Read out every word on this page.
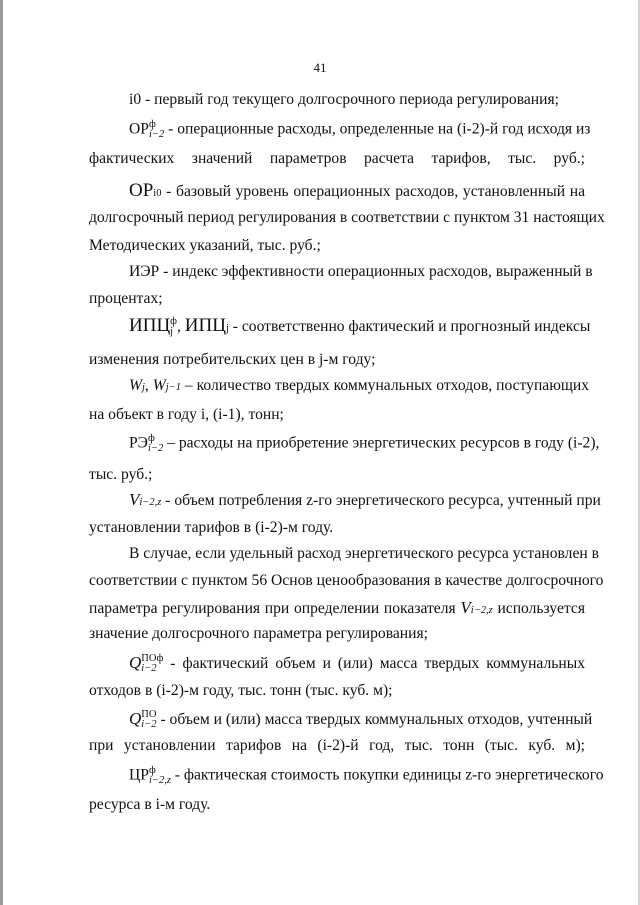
41
i0 - первый год текущего долгосрочного периода регулирования;
ОР ф
i−2 - операционные расходы, определенные на (i-2)-й год исходя из
фактических значений параметров расчета тарифов, тыс. руб.;
ОРi0 - базовый уровень операционных расходов, установленный на
долгосрочный период регулирования в соответствии с пунктом 31 настоящих
Методических указаний, тыс. руб.;
ИЭР - индекс эффективности операционных расходов, выраженный в
процентах;
ИПЦ ф
j , ИПЦj - соответственно фактический и прогнозный индексы
изменения потребительских цен в j-м году;
Wj, Wj−1 – количество твердых коммунальных отходов, поступающих
на объект в году i, (i-1), тонн;
РЭ ф
i−2 – расходы на приобретение энергетических ресурсов в году (i-2),
тыс. руб.;
Vi−2,z - объем потребления z-го энергетического ресурса, учтенный при
установлении тарифов в (i-2)-м году.
В случае, если удельный расход энергетического ресурса установлен в
соответствии с пунктом 56 Основ ценообразования в качестве долгосрочного
параметра регулирования при определении показателя Vi−2,z используется
значение долгосрочного параметра регулирования;
Q ПОф
i−2 - фактический объем и (или) масса твердых коммунальных
отходов в (i-2)-м году, тыс. тонн (тыс. куб. м);
Q ПО
i−2 - объем и (или) масса твердых коммунальных отходов, учтенный
при установлении тарифов на (i-2)-й год, тыс. тонн (тыс. куб. м);
ЦР ф
i−2,z - фактическая стоимость покупки единицы z-го энергетического
ресурса в i-м году.
